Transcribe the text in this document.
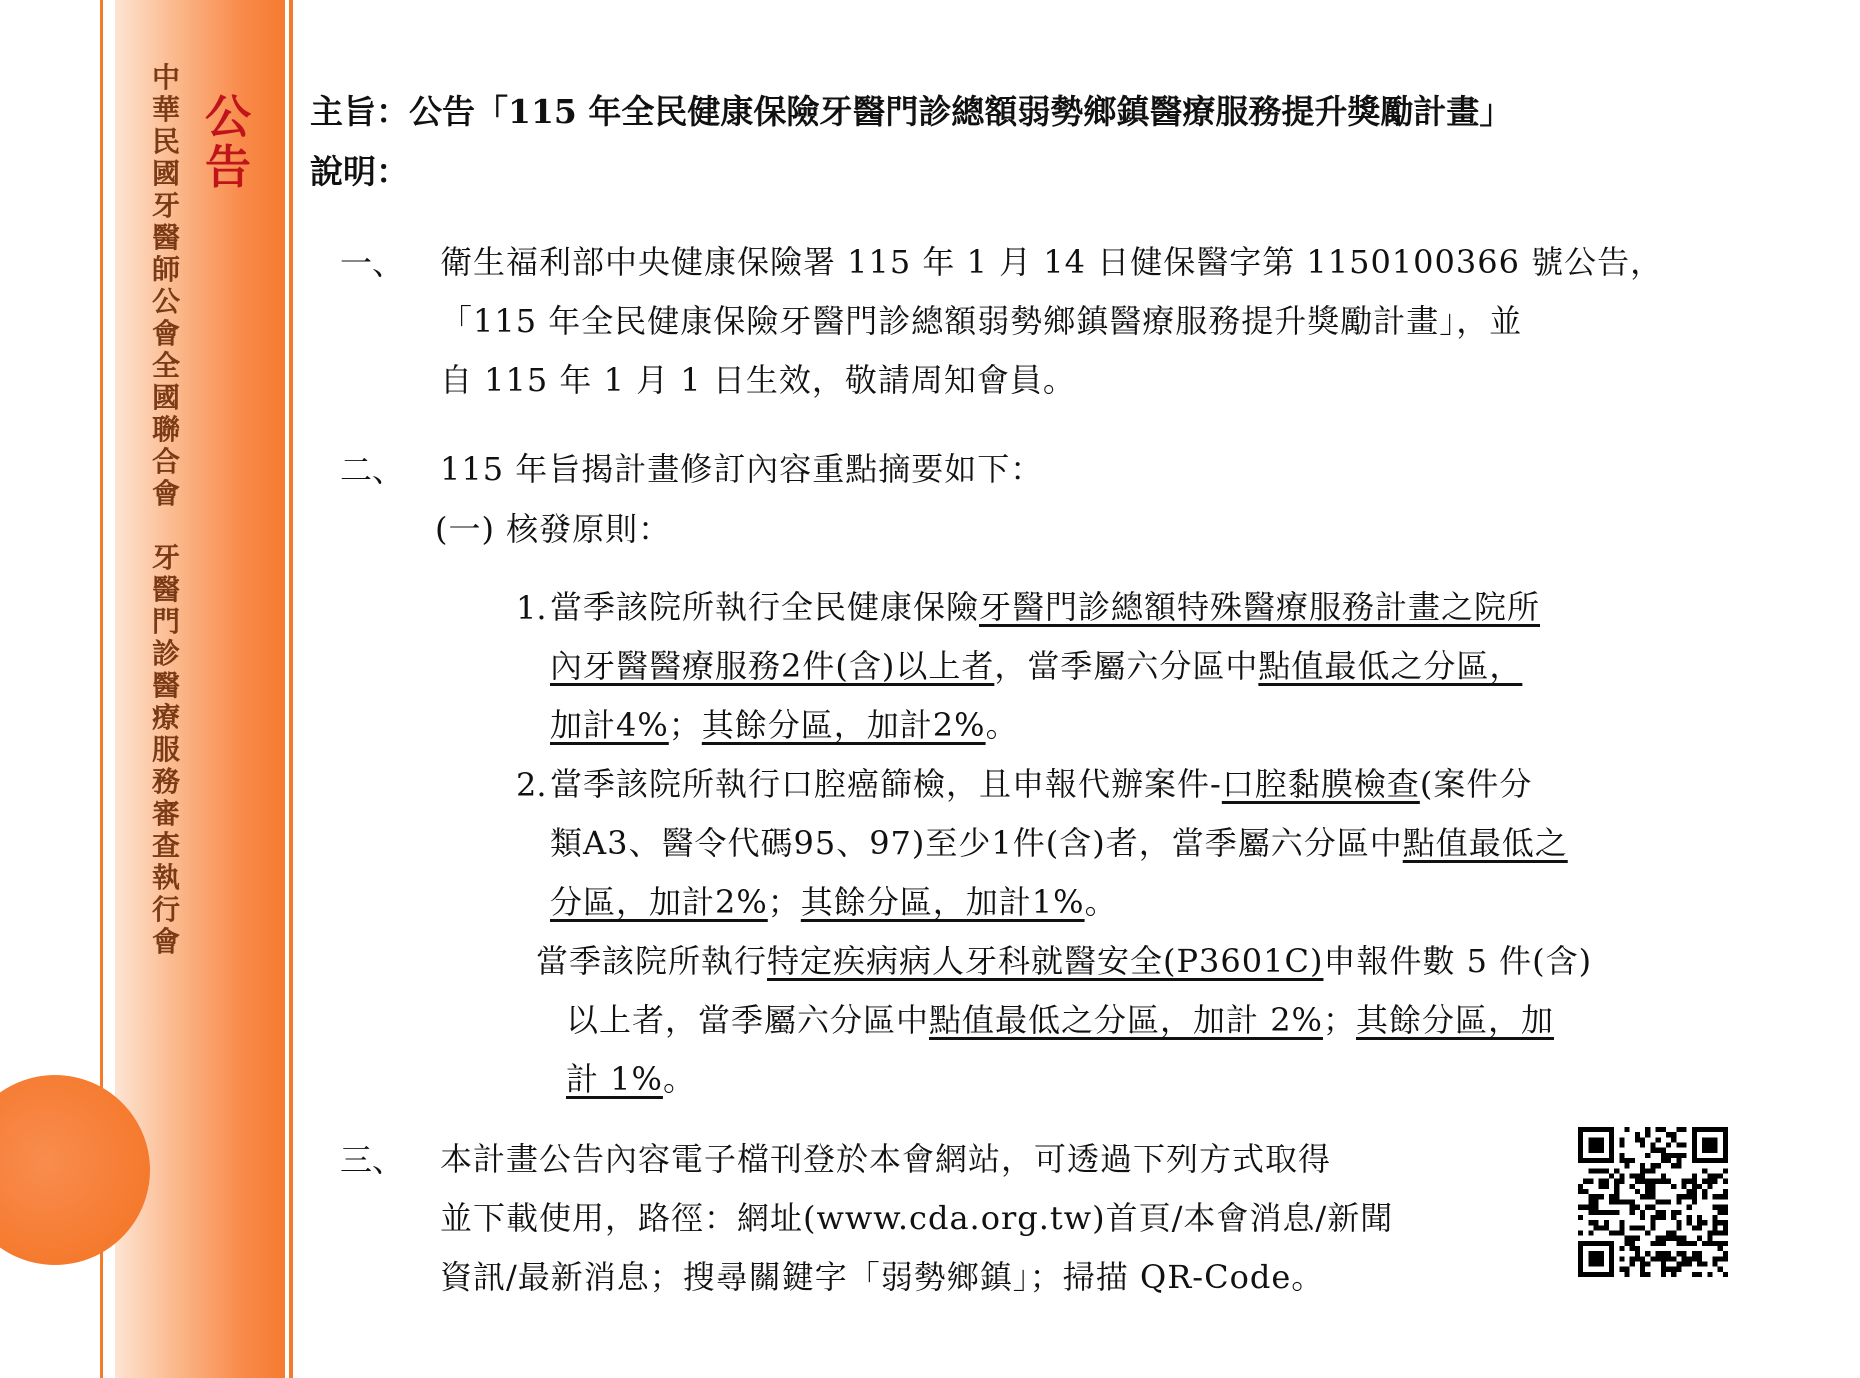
中
華
民
國
牙
醫
師
公
會
全
國
聯
合
會

牙
醫
門
診
醫
療
服
務
審
查
執
行
會
公
告
主旨：公告「115 年全民健康保險牙醫門診總額弱勢鄉鎮醫療服務提升獎勵計畫」
說明：
一、 衛生福利部中央健康保險署 115 年 1 月 14 日健保醫字第 1150100366 號公告，
「115 年全民健康保險牙醫門診總額弱勢鄉鎮醫療服務提升獎勵計畫」，並
自 115 年 1 月 1 日生效，敬請周知會員。
二、 115 年旨揭計畫修訂內容重點摘要如下：
(一) 核發原則：
1. 當季該院所執行全民健康保險牙醫門診總額特殊醫療服務計畫之院所
內牙醫醫療服務2件(含)以上者，當季屬六分區中點值最低之分區，
加計4%；其餘分區，加計2%。
2. 當季該院所執行口腔癌篩檢，且申報代辦案件-口腔黏膜檢查(案件分
類A3、醫令代碼95、97)至少1件(含)者，當季屬六分區中點值最低之
分區，加計2%；其餘分區，加計1%。
當季該院所執行特定疾病病人牙科就醫安全(P3601C)申報件數 5 件(含)
以上者，當季屬六分區中點值最低之分區，加計 2%；其餘分區，加
計 1%。
三、 本計畫公告內容電子檔刊登於本會網站，可透過下列方式取得
並下載使用，路徑：網址(www.cda.org.tw)首頁/本會消息/新聞
資訊/最新消息；搜尋關鍵字「弱勢鄉鎮」；掃描 QR-Code。
